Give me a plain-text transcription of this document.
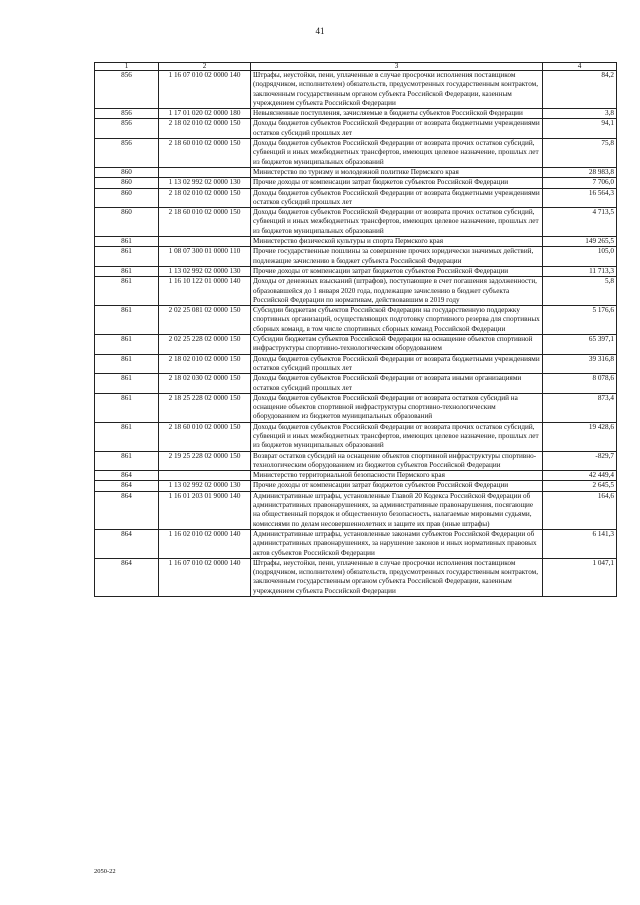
41
1	2	3	4
856	1 16 07 010 02 0000 140	Штрафы, неустойки, пени, уплаченные в случае просрочки исполнения поставщиком (подрядчиком, исполнителем) обязательств, предусмотренных государственным контрактом, заключенным государственным органом субъекта Российской Федерации, казенным учреждением субъекта Российской Федерации	84,2
856	1 17 01 020 02 0000 180	Невыясненные поступления, зачисляемые в бюджеты субъектов Российской Федерации	3,8
856	2 18 02 010 02 0000 150	Доходы бюджетов субъектов Российской Федерации от возврата бюджетными учреждениями остатков субсидий прошлых лет	94,1
856	2 18 60 010 02 0000 150	Доходы бюджетов субъектов Российской Федерации от возврата прочих остатков субсидий, субвенций и иных межбюджетных трансфертов, имеющих целевое назначение, прошлых лет из бюджетов муниципальных образований	75,8
860		Министерство по туризму и молодежной политике Пермского края	28 983,8
860	1 13 02 992 02 0000 130	Прочие доходы от компенсации затрат бюджетов субъектов Российской Федерации	7 706,0
860	2 18 02 010 02 0000 150	Доходы бюджетов субъектов Российской Федерации от возврата бюджетными учреждениями остатков субсидий прошлых лет	16 564,3
860	2 18 60 010 02 0000 150	Доходы бюджетов субъектов Российской Федерации от возврата прочих остатков субсидий, субвенций и иных межбюджетных трансфертов, имеющих целевое назначение, прошлых лет из бюджетов муниципальных образований	4 713,5
861		Министерство физической культуры и спорта Пермского края	149 265,5
861	1 08 07 300 01 0000 110	Прочие государственные пошлины за совершение прочих юридически значимых действий, подлежащие зачислению в бюджет субъекта Российской Федерации	105,0
861	1 13 02 992 02 0000 130	Прочие доходы от компенсации затрат бюджетов субъектов Российской Федерации	11 713,3
861	1 16 10 122 01 0000 140	Доходы от денежных взысканий (штрафов), поступающие в счет погашения задолженности, образовавшейся до 1 января 2020 года, подлежащие зачислению в бюджет субъекта Российской Федерации по нормативам, действовавшим в 2019 году	5,8
861	2 02 25 081 02 0000 150	Субсидии бюджетам субъектов Российской Федерации на государственную поддержку спортивных организаций, осуществляющих подготовку спортивного резерва для спортивных сборных команд, в том числе спортивных сборных команд Российской Федерации	5 176,6
861	2 02 25 228 02 0000 150	Субсидии бюджетам субъектов Российской Федерации на оснащение объектов спортивной инфраструктуры спортивно-технологическим оборудованием	65 397,1
861	2 18 02 010 02 0000 150	Доходы бюджетов субъектов Российской Федерации от возврата бюджетными учреждениями остатков субсидий прошлых лет	39 316,8
861	2 18 02 030 02 0000 150	Доходы бюджетов субъектов Российской Федерации от возврата иными организациями остатков субсидий прошлых лет	8 078,6
861	2 18 25 228 02 0000 150	Доходы бюджетов субъектов Российской Федерации от возврата остатков субсидий на оснащение объектов спортивной инфраструктуры спортивно-технологическим оборудованием из бюджетов муниципальных образований	873,4
861	2 18 60 010 02 0000 150	Доходы бюджетов субъектов Российской Федерации от возврата прочих остатков субсидий, субвенций и иных межбюджетных трансфертов, имеющих целевое назначение, прошлых лет из бюджетов муниципальных образований	19 428,6
861	2 19 25 228 02 0000 150	Возврат остатков субсидий на оснащение объектов спортивной инфраструктуры спортивно-технологическим оборудованием из бюджетов субъектов Российской Федерации	-829,7
864		Министерство территориальной безопасности Пермского края	42 449,4
864	1 13 02 992 02 0000 130	Прочие доходы от компенсации затрат бюджетов субъектов Российской Федерации	2 645,5
864	1 16 01 203 01 9000 140	Административные штрафы, установленные Главой 20 Кодекса Российской Федерации об административных правонарушениях, за административные правонарушения, посягающие на общественный порядок и общественную безопасность, налагаемые мировыми судьями, комиссиями по делам несовершеннолетних и защите их прав (иные штрафы)	164,6
864	1 16 02 010 02 0000 140	Административные штрафы, установленные законами субъектов Российской Федерации об административных правонарушениях, за нарушение законов и иных нормативных правовых актов субъектов Российской Федерации	6 141,3
864	1 16 07 010 02 0000 140	Штрафы, неустойки, пени, уплаченные в случае просрочки исполнения поставщиком (подрядчиком, исполнителем) обязательств, предусмотренных государственным контрактом, заключенным государственным органом субъекта Российской Федерации, казенным учреждением субъекта Российской Федерации	1 047,1
2050-22
